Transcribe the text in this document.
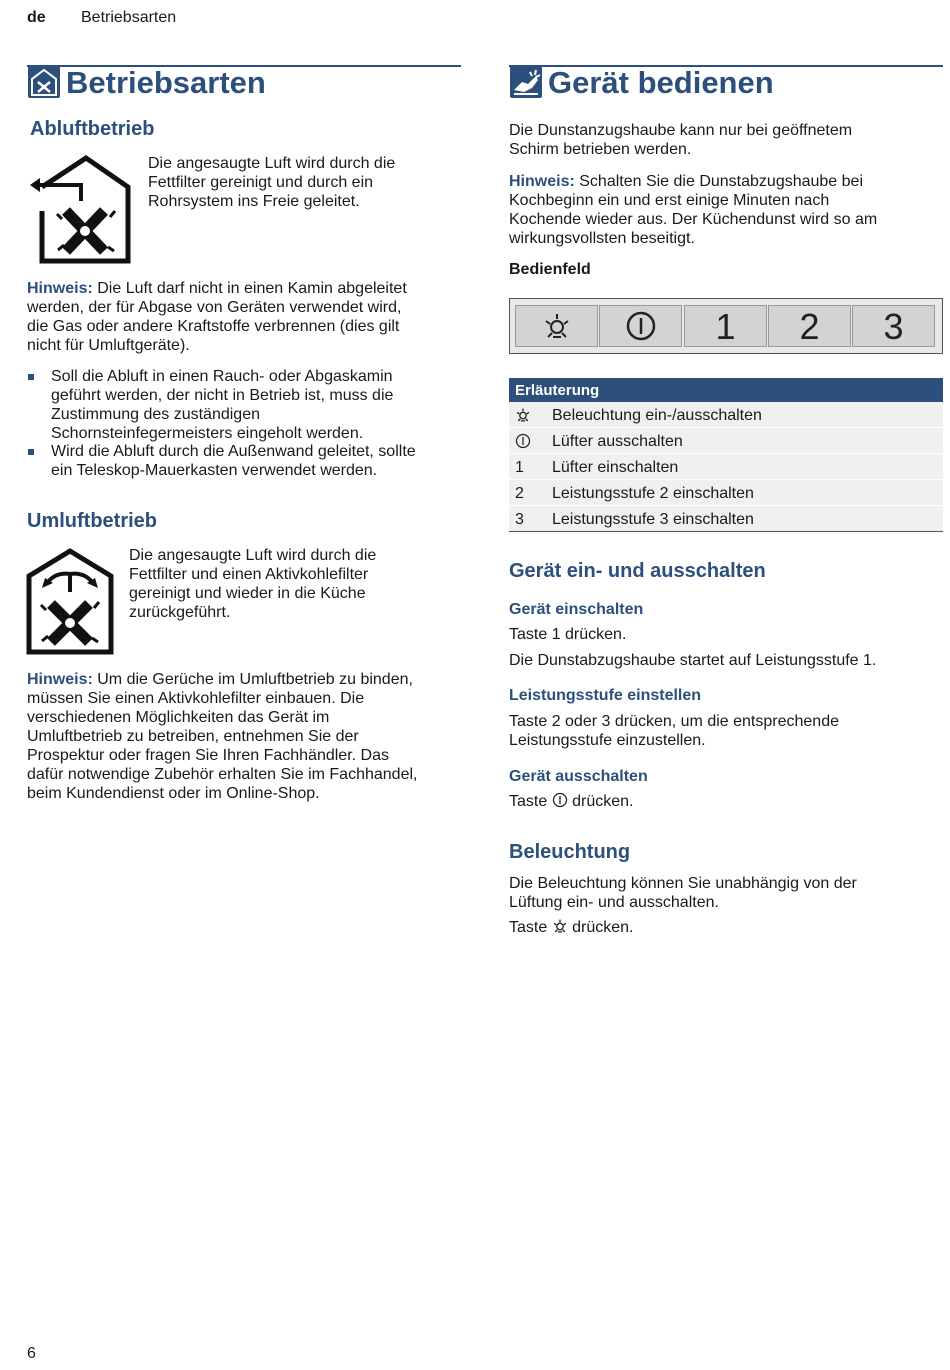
de Betriebsarten
Betriebsarten
Abluftbetrieb
Die angesaugte Luft wird durch die
Fettfilter gereinigt und durch ein
Rohrsystem ins Freie geleitet.
Hinweis: Die Luft darf nicht in einen Kamin abgeleitet
werden, der für Abgase von Geräten verwendet wird,
die Gas oder andere Kraftstoffe verbrennen (dies gilt
nicht für Umluftgeräte).
Soll die Abluft in einen Rauch- oder Abgaskamin
geführt werden, der nicht in Betrieb ist, muss die
Zustimmung des zuständigen
Schornsteinfegermeisters eingeholt werden.
Wird die Abluft durch die Außenwand geleitet, sollte
ein Teleskop-Mauerkasten verwendet werden.
Umluftbetrieb
Die angesaugte Luft wird durch die
Fettfilter und einen Aktivkohlefilter
gereinigt und wieder in die Küche
zurückgeführt.
Hinweis: Um die Gerüche im Umluftbetrieb zu binden,
müssen Sie einen Aktivkohlefilter einbauen. Die
verschiedenen Möglichkeiten das Gerät im
Umluftbetrieb zu betreiben, entnehmen Sie der
Prospektur oder fragen Sie Ihren Fachhändler. Das
dafür notwendige Zubehör erhalten Sie im Fachhandel,
beim Kundendienst oder im Online-Shop.
Gerät bedienen
Die Dunstanzugshaube kann nur bei geöffnetem
Schirm betrieben werden.
Hinweis: Schalten Sie die Dunstabzugshaube bei
Kochbeginn ein und erst einige Minuten nach
Kochende wieder aus. Der Küchendunst wird so am
wirkungsvollsten beseitigt.
Bedienfeld
1	2	3
Erläuterung
Beleuchtung ein-/ausschalten
Lüfter ausschalten
1 Lüfter einschalten
2 Leistungsstufe 2 einschalten
3 Leistungsstufe 3 einschalten
Gerät ein- und ausschalten
Gerät einschalten
Taste 1 drücken.
Die Dunstabzugshaube startet auf Leistungsstufe 1.
Leistungsstufe einstellen
Taste 2 oder 3 drücken, um die entsprechende
Leistungsstufe einzustellen.
Gerät ausschalten
Taste  drücken.
Beleuchtung
Die Beleuchtung können Sie unabhängig von der
Lüftung ein- und ausschalten.
Taste  drücken.
6
